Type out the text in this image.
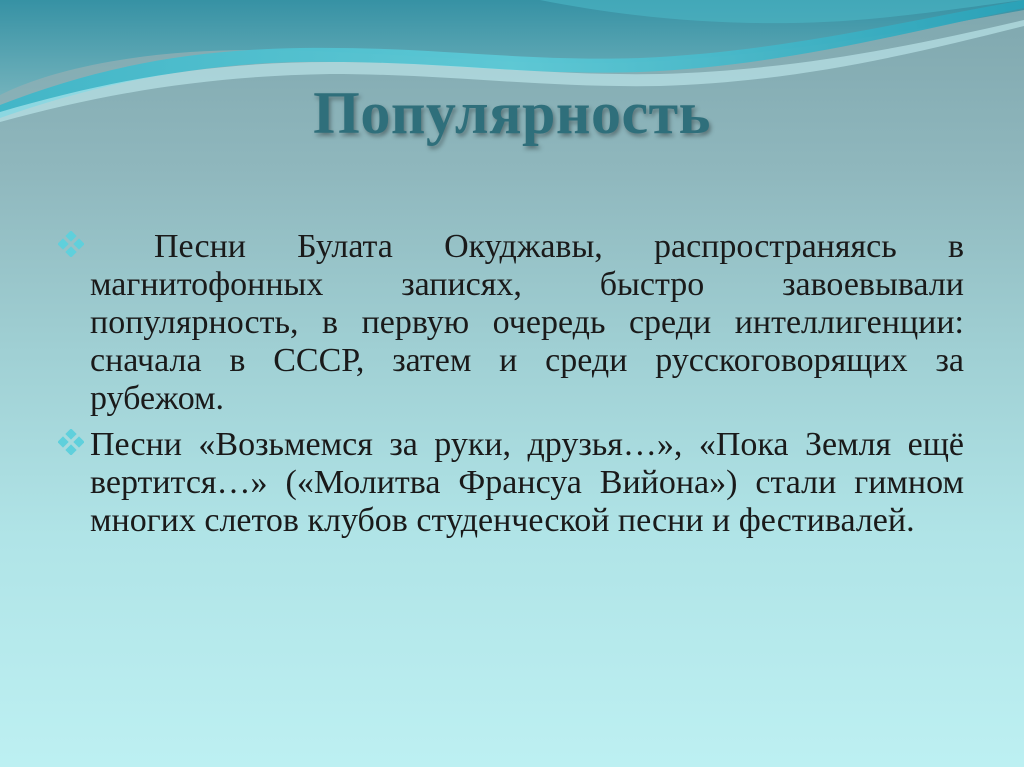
Популярность
Песни Булата Окуджавы, распространяясь в магнитофонных записях, быстро завоевывали популярность, в первую очередь среди интеллигенции: сначала в СССР, затем и среди русскоговорящих за рубежом.
Песни «Возьмемся за руки, друзья…», «Пока Земля ещё вертится…» («Молитва Франсуа Вийона») стали гимном многих слетов клубов студенческой песни и фестивалей.
